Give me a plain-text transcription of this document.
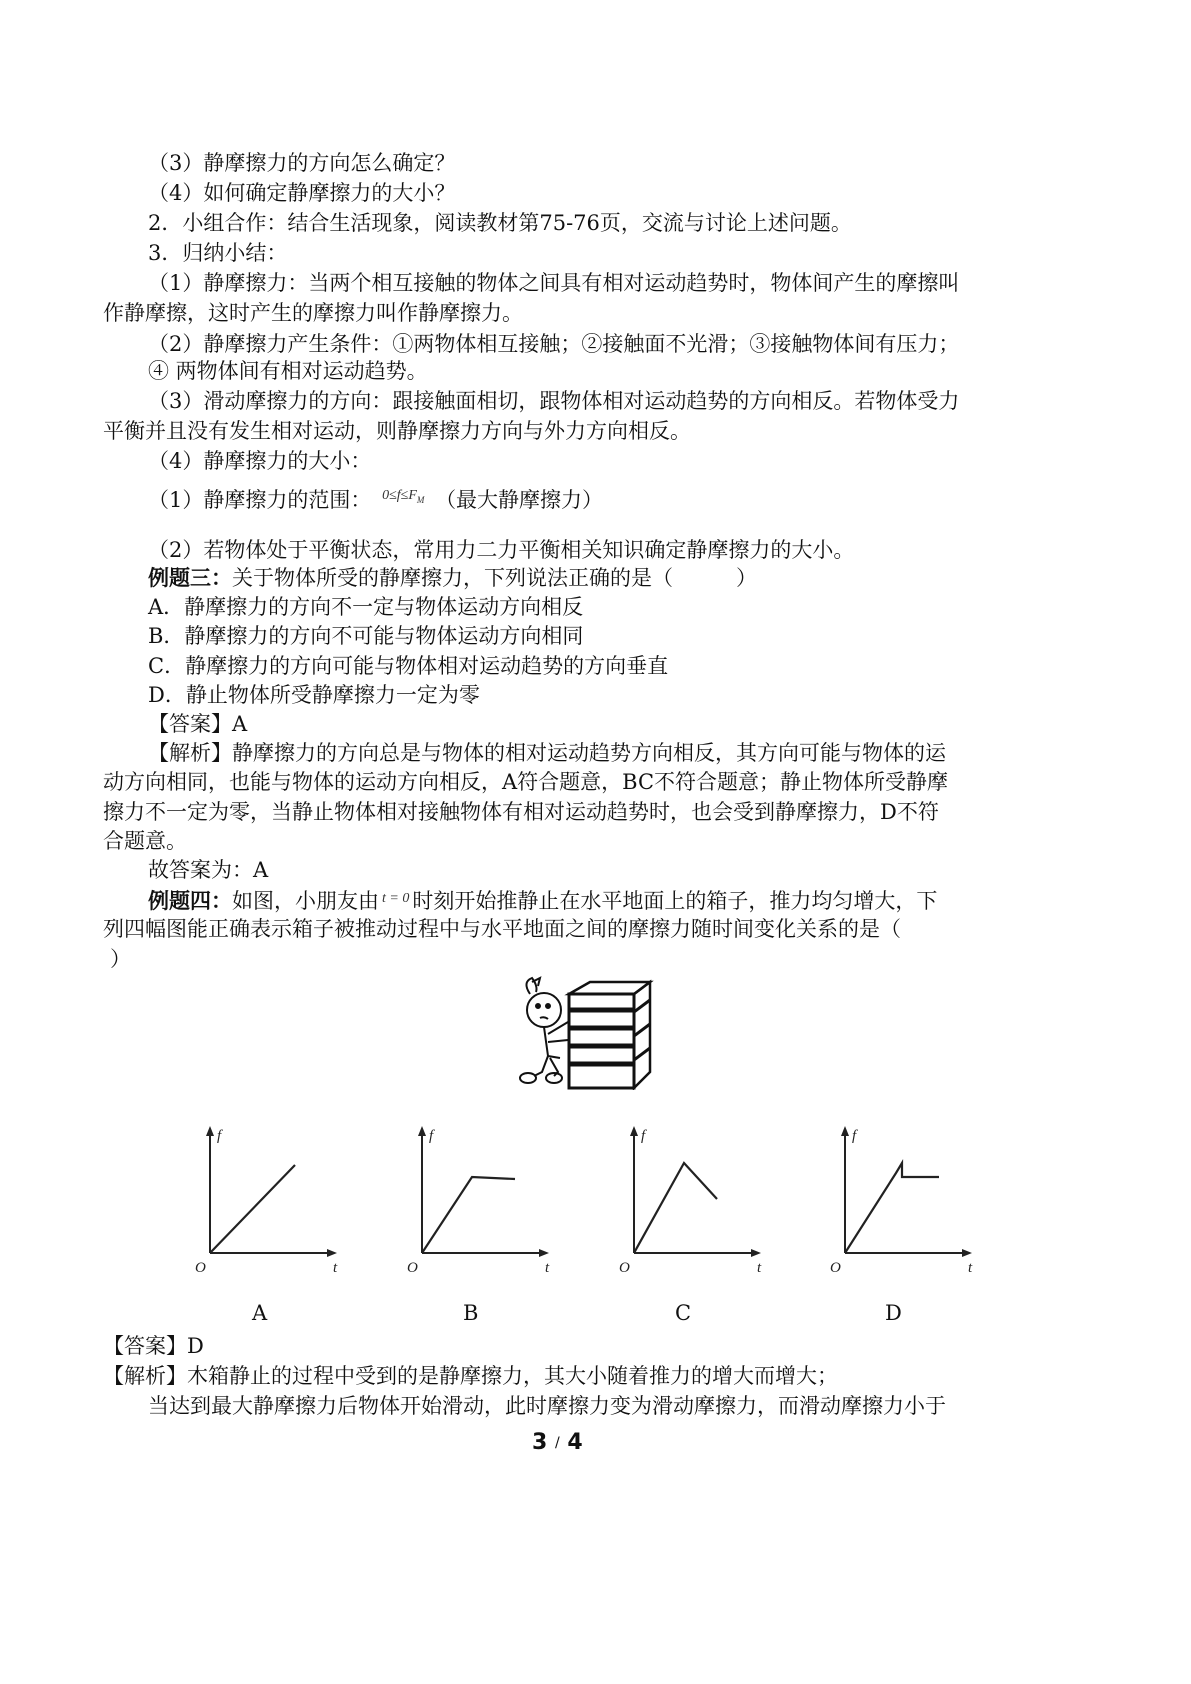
（3）静摩擦力的方向怎么确定？
（4）如何确定静摩擦力的大小？
2．小组合作：结合生活现象，阅读教材第75-76页，交流与讨论上述问题。
3．归纳小结：
（1）静摩擦力：当两个相互接触的物体之间具有相对运动趋势时，物体间产生的摩擦叫
作静摩擦，这时产生的摩擦力叫作静摩擦力。
（2）静摩擦力产生条件：①两物体相互接触；②接触面不光滑；③接触物体间有压力；
④ 两物体间有相对运动趋势。
（3）滑动摩擦力的方向：跟接触面相切，跟物体相对运动趋势的方向相反。若物体受力
平衡并且没有发生相对运动，则静摩擦力方向与外力方向相反。
（4）静摩擦力的大小：
（1）静摩擦力的范围： $^{0\le f\le F_M}$ （最大静摩擦力）
（2）若物体处于平衡状态，常用力二力平衡相关知识确定静摩擦力的大小。
例题三：关于物体所受的静摩擦力，下列说法正确的是（　　　）
A．静摩擦力的方向不一定与物体运动方向相反
B．静摩擦力的方向不可能与物体运动方向相同
C．静摩擦力的方向可能与物体相对运动趋势的方向垂直
D．静止物体所受静摩擦力一定为零
【答案】A
【解析】静摩擦力的方向总是与物体的相对运动趋势方向相反，其方向可能与物体的运
动方向相同，也能与物体的运动方向相反，A符合题意，BC不符合题意；静止物体所受静摩
擦力不一定为零，当静止物体相对接触物体有相对运动趋势时，也会受到静摩擦力，D不符
合题意。
故答案为：A
例题四：如图，小朋友由 $^{t = 0}$ 时刻开始推静止在水平地面上的箱子，推力均匀增大，下
列四幅图能正确表示箱子被推动过程中与水平地面之间的摩擦力随时间变化关系的是（
）
f
t
O
f
t
O
f
t
O
f
t
O
A	B	C	D
【答案】D
【解析】木箱静止的过程中受到的是静摩擦力，其大小随着推力的增大而增大；
当达到最大静摩擦力后物体开始滑动，此时摩擦力变为滑动摩擦力，而滑动摩擦力小于
3 / 4
